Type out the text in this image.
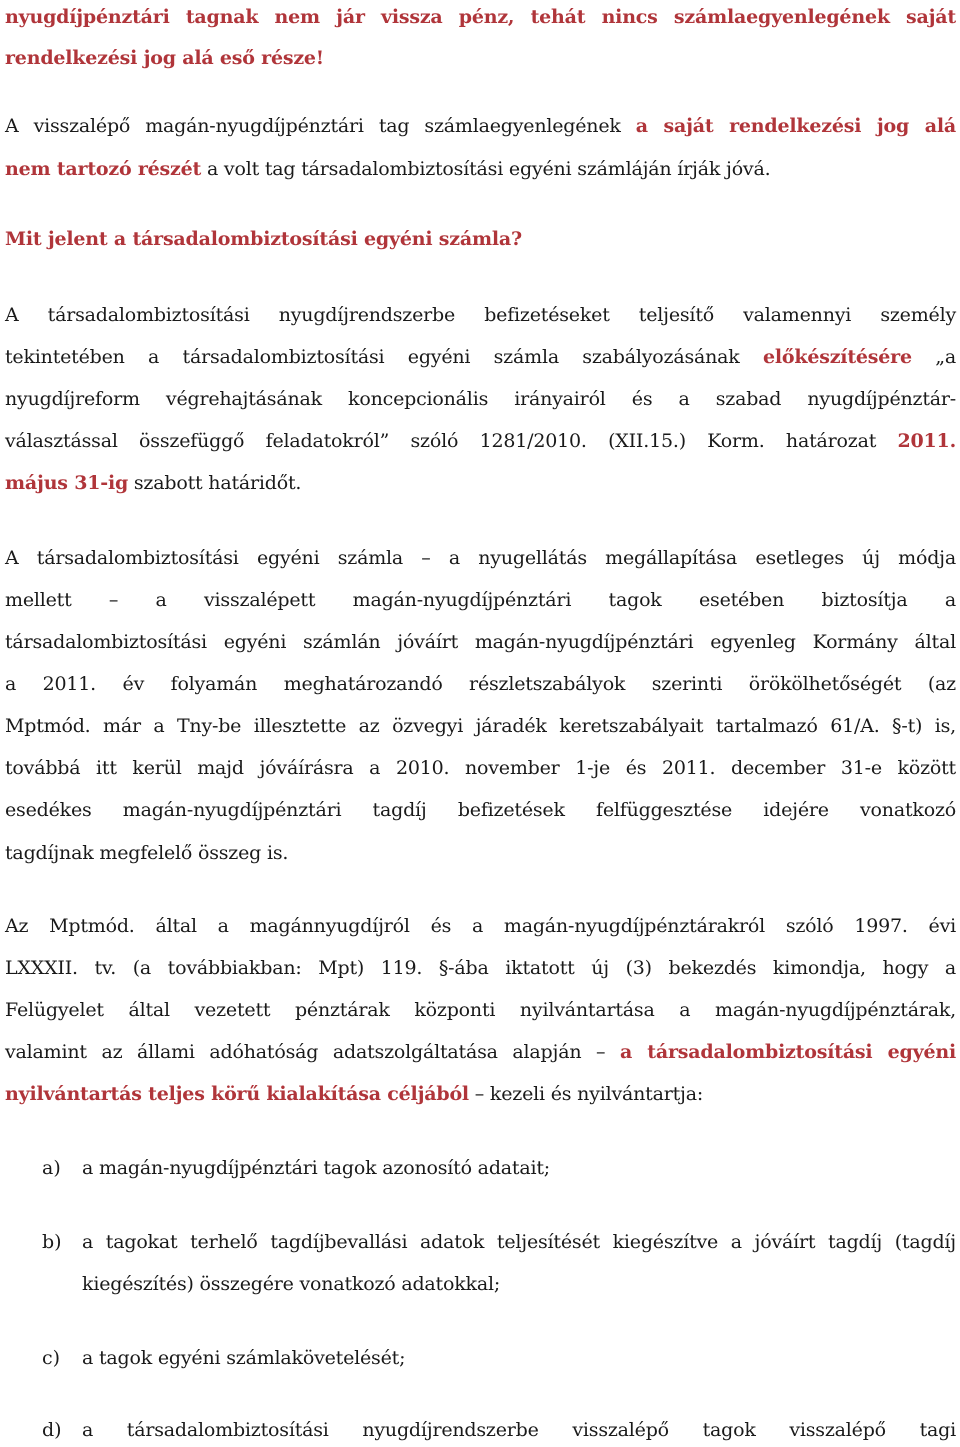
nyugdíjpénztári tagnak nem jár vissza pénz, tehát nincs számlaegyenlegének saját
rendelkezési jog alá eső része!
A visszalépő magán-nyugdíjpénztári tag számlaegyenlegének a saját rendelkezési jog alá
nem tartozó részét a volt tag társadalombiztosítási egyéni számláján írják jóvá.
Mit jelent a társadalombiztosítási egyéni számla?
A társadalombiztosítási nyugdíjrendszerbe befizetéseket teljesítő valamennyi személy
tekintetében a társadalombiztosítási egyéni számla szabályozásának előkészítésére „a
nyugdíjreform végrehajtásának koncepcionális irányairól és a szabad nyugdíjpénztár-
választással összefüggő feladatokról” szóló 1281/2010. (XII.15.) Korm. határozat 2011.
május 31-ig szabott határidőt.
A társadalombiztosítási egyéni számla – a nyugellátás megállapítása esetleges új módja
mellett – a visszalépett magán-nyugdíjpénztári tagok esetében biztosítja a
társadalombiztosítási egyéni számlán jóváírt magán-nyugdíjpénztári egyenleg Kormány által
a 2011. év folyamán meghatározandó részletszabályok szerinti örökölhetőségét (az
Mptmód. már a Tny-be illesztette az özvegyi járadék keretszabályait tartalmazó 61/A. §-t) is,
továbbá itt kerül majd jóváírásra a 2010. november 1-je és 2011. december 31-e között
esedékes magán-nyugdíjpénztári tagdíj befizetések felfüggesztése idejére vonatkozó
tagdíjnak megfelelő összeg is.
Az Mptmód. által a magánnyugdíjról és a magán-nyugdíjpénztárakról szóló 1997. évi
LXXXII. tv. (a továbbiakban: Mpt) 119. §-ába iktatott új (3) bekezdés kimondja, hogy a
Felügyelet által vezetett pénztárak központi nyilvántartása a magán-nyugdíjpénztárak,
valamint az állami adóhatóság adatszolgáltatása alapján – a társadalombiztosítási egyéni
nyilvántartás teljes körű kialakítása céljából – kezeli és nyilvántartja:
a) a magán-nyugdíjpénztári tagok azonosító adatait;
b) a tagokat terhelő tagdíjbevallási adatok teljesítését kiegészítve a jóváírt tagdíj (tagdíj
kiegészítés) összegére vonatkozó adatokkal;
c) a tagok egyéni számlakövetelését;
d) a társadalombiztosítási nyugdíjrendszerbe visszalépő tagok visszalépő tagi
